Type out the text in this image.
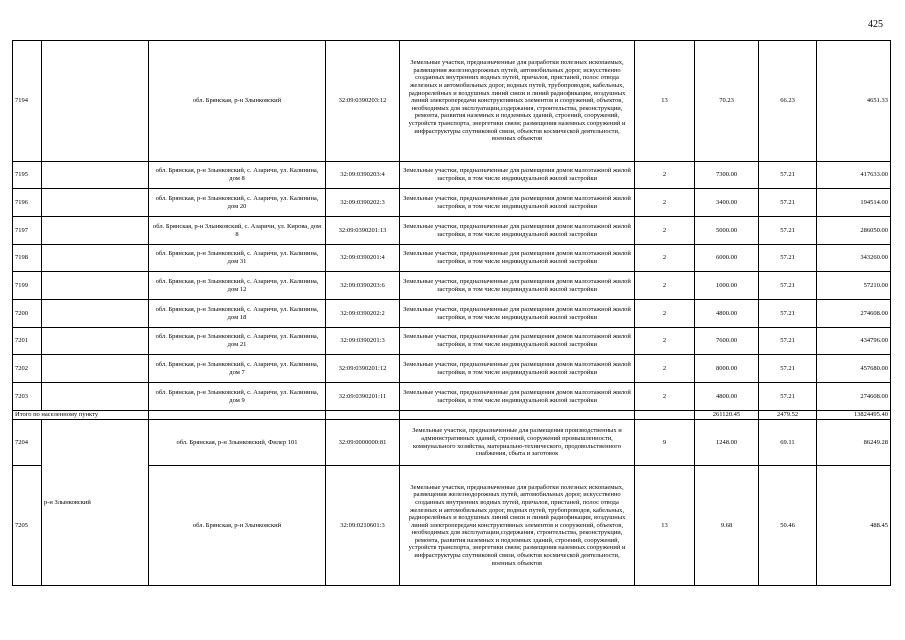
425
7194		обл. Брянская, р-н Злынковский	32:09:0390203:12	Земельные участки, предназначенные для разработки полезных ископаемых, размещения железнодорожных путей, автомобильных дорог, искусственно созданных внутренних водных путей, причалов, пристаней, полос отвода железных и автомобильных дорог, водных путей, трубопроводов, кабельных, радиорелейных и воздушных линий связи и линий радиофикации, воздушных линий электропередачи конструктивных элементов и сооружений, объектов, необходимых для эксплуатации,содержания, строительства, реконструкции, ремонта, развития наземных и подземных зданий, строений, сооружений, устройств транспорта, энергетики связи; размещения наземных сооружений и инфраструктуры спутниковой связи, объектов космической деятельности, военных объектов	13	70.23	66.23	4651.33
7195		обл. Брянская, р-н Злынковский, с. Азаричи, ул. Калинина, дом 8	32:09:0390203:4	Земельные участки, предназначенные для размещения домов малоэтажной жилой застройки, в том числе индивидуальной жилой застройки	2	7300.00	57.21	417633.00
7196		обл. Брянская, р-н Злынковский, с. Азаричи, ул. Калинина, дом 20	32:09:0390202:3	Земельные участки, предназначенные для размещения домов малоэтажной жилой застройки, в том числе индивидуальной жилой застройки	2	3400.00	57.21	194514.00
7197		обл. Брянская, р-н Злынковский, с. Азаричи, ул. Кирова, дом 8	32:09:0390201:13	Земельные участки, предназначенные для размещения домов малоэтажной жилой застройки, в том числе индивидуальной жилой застройки	2	5000.00	57.21	286050.00
7198		обл. Брянская, р-н Злынковский, с. Азаричи, ул. Калинина, дом 31	32:09:0390201:4	Земельные участки, предназначенные для размещения домов малоэтажной жилой застройки, в том числе индивидуальной жилой застройки	2	6000.00	57.21	343260.00
7199		обл. Брянская, р-н Злынковский, с. Азаричи, ул. Калинина, дом 12	32:09:0390203:6	Земельные участки, предназначенные для размещения домов малоэтажной жилой застройки, в том числе индивидуальной жилой застройки	2	1000.00	57.21	57210.00
7200		обл. Брянская, р-н Злынковский, с. Азаричи, ул. Калинина, дом 18	32:09:0390202:2	Земельные участки, предназначенные для размещения домов малоэтажной жилой застройки, в том числе индивидуальной жилой застройки	2	4800.00	57.21	274608.00
7201		обл. Брянская, р-н Злынковский, с. Азаричи, ул. Калинина, дом 21	32:09:0390201:3	Земельные участки, предназначенные для размещения домов малоэтажной жилой застройки, в том числе индивидуальной жилой застройки	2	7600.00	57.21	434796.00
7202		обл. Брянская, р-н Злынковский, с. Азаричи, ул. Калинина, дом 7	32:09:0390201:12	Земельные участки, предназначенные для размещения домов малоэтажной жилой застройки, в том числе индивидуальной жилой застройки	2	8000.00	57.21	457680.00
7203		обл. Брянская, р-н Злынковский, с. Азаричи, ул. Калинина, дом 9	32:09:0390201:11	Земельные участки, предназначенные для размещения домов малоэтажной жилой застройки, в том числе индивидуальной жилой застройки	2	4800.00	57.21	274608.00
Итого по населенному пункту						261120.45	2479.52	13824495.40
7204	р-н Злынковский	обл. Брянская, р-н Злынковский, Филер 101	32:09:0000000:81	Земельные участки, предназначенные для размещения производственных и административных зданий, строений, сооружений промышленности, коммунального хозяйства, материально-технического, продовольственного снабжения, сбыта и заготовок	9	1248.00	69.11	86249.28
7205		обл. Брянская, р-н Злынковский	32:09:0210601:3	Земельные участки, предназначенные для разработки полезных ископаемых, размещения железнодорожных путей, автомобильных дорог, искусственно созданных внутренних водных путей, причалов, пристаней, полос отвода железных и автомобильных дорог, водных путей, трубопроводов, кабельных, радиорелейных и воздушных линий связи и линий радиофикации, воздушных линий электропередачи конструктивных элементов и сооружений, объектов, необходимых для эксплуатации,содержания, строительства, реконструкции, ремонта, развития наземных и подземных зданий, строений, сооружений, устройств транспорта, энергетики связи; размещения наземных сооружений и инфраструктуры спутниковой связи, объектов космической деятельности, военных объектов	13	9.68	50.46	488.45
